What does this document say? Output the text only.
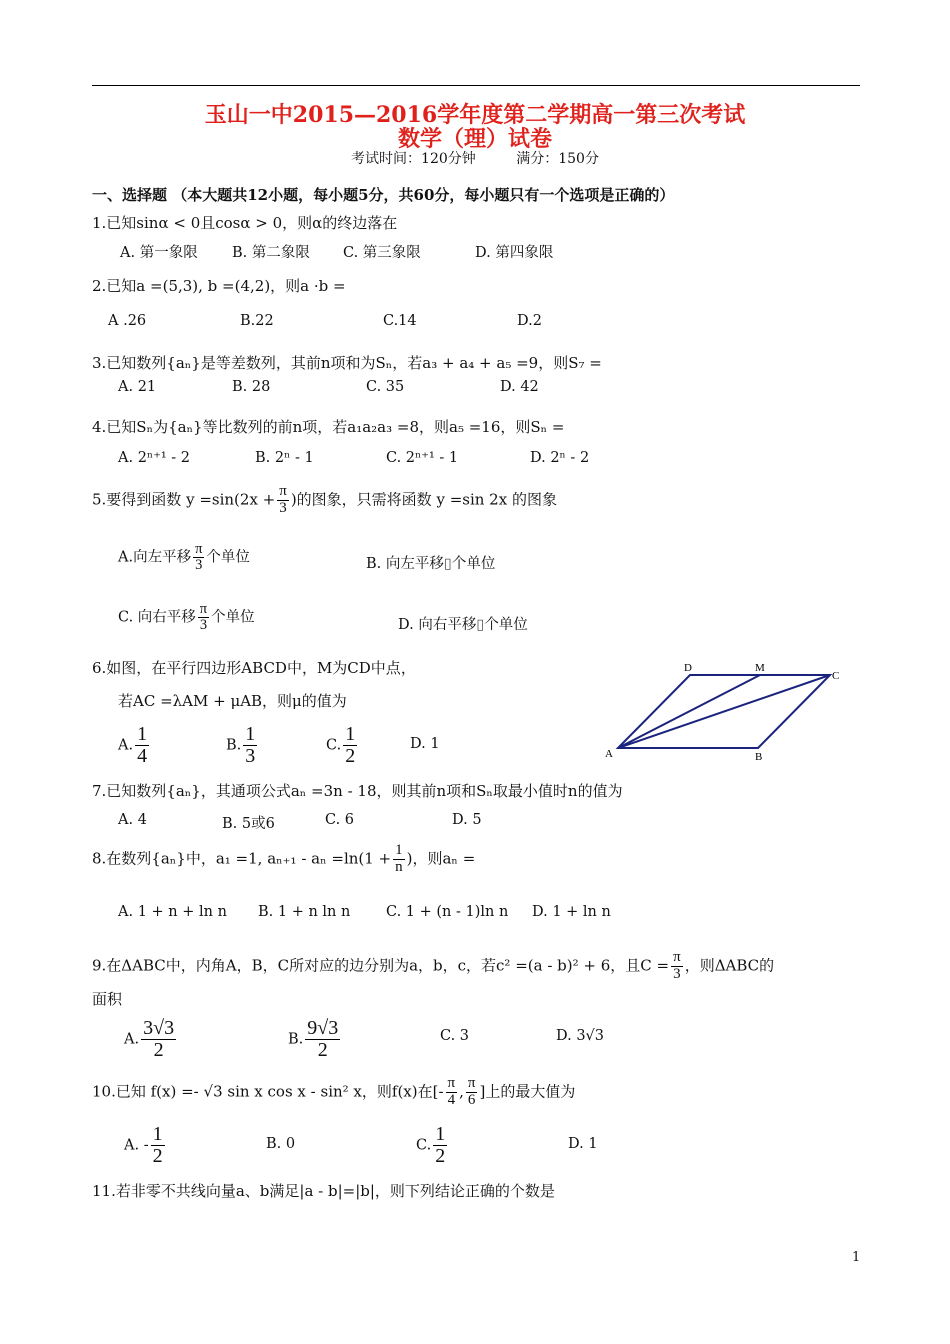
玉山一中2015—2016学年度第二学期高一第三次考试
数学（理）试卷
考试时间：120分钟	满分：150分
一、选择题 （本大题共12小题，每小题5分，共60分，每小题只有一个选项是正确的）
1.已知sinα < 0且cosα > 0，则α的终边落在
A. 第一象限 B. 第二象限 C. 第三象限	D. 第四象限
2.已知a =(5,3), b =(4,2)，则a ·b =
A .26	B.22	C.14	D.2
3.已知数列{aₙ}是等差数列，其前n项和为Sₙ，若a₃ + a₄ + a₅ =9，则S₇ =
A. 21	B. 28	C. 35	D. 42
4.已知Sₙ为{aₙ}等比数列的前n项，若a₁a₂a₃ =8，则a₅ =16，则Sₙ =
A. 2ⁿ⁺¹ - 2	B. 2ⁿ - 1	C. 2ⁿ⁺¹ - 1	D. 2ⁿ - 2
5.要得到函数 $y =\sin(2x + \frac{\pi}{3}$ )的图象，只需将函数 y =sin 2x 的图象
A.向左平移 $\frac{\pi}{3}$ 个单位	B. 向左平移▯个单位
C. 向右平移 $\frac{\pi}{3}$ 个单位	D. 向右平移▯个单位
6.如图，在平行四边形ABCD中，M为CD中点，
若AC =λAM + μAB，则μ的值为
A. $\frac{1}{4}$	B. $\frac{1}{3}$	C. $\frac{1}{2}$	D. 1
D	M
C
A	B
7.已知数列{aₙ}，其通项公式aₙ =3n - 18，则其前n项和Sₙ取最小值时n的值为
A. 4	B. 5或6	C. 6	D. 5
8.在数列{aₙ}中，a₁ =1, $a_{n+1} - a_n =\ln(1 + \frac{1}{n}$ )，则aₙ =
A. 1 + n + ln n B. 1 + n ln n C. 1 + (n - 1)ln n D. 1 + ln n
9.在ΔABC中，内角A，B，C所对应的边分别为a，b，c，若c² =(a - b)² + 6，且$C = \frac{\pi}{3}$ ，则ΔABC的
面积
A. $\frac{3√3}{2}$	B. $\frac{9√3}{2}$	C. 3	D. 3√3
10.已知 f(x) =- √3 sin x cos x - sin² x，则f(x)在[- $\frac{\pi}{4}$ , $\frac{\pi}{6}$ ]上的最大值为
A. - $\frac{1}{2}$	B. 0	C. $\frac{1}{2}$	D. 1
11.若非零不共线向量a、b满足|a - b|=|b|，则下列结论正确的个数是
1
